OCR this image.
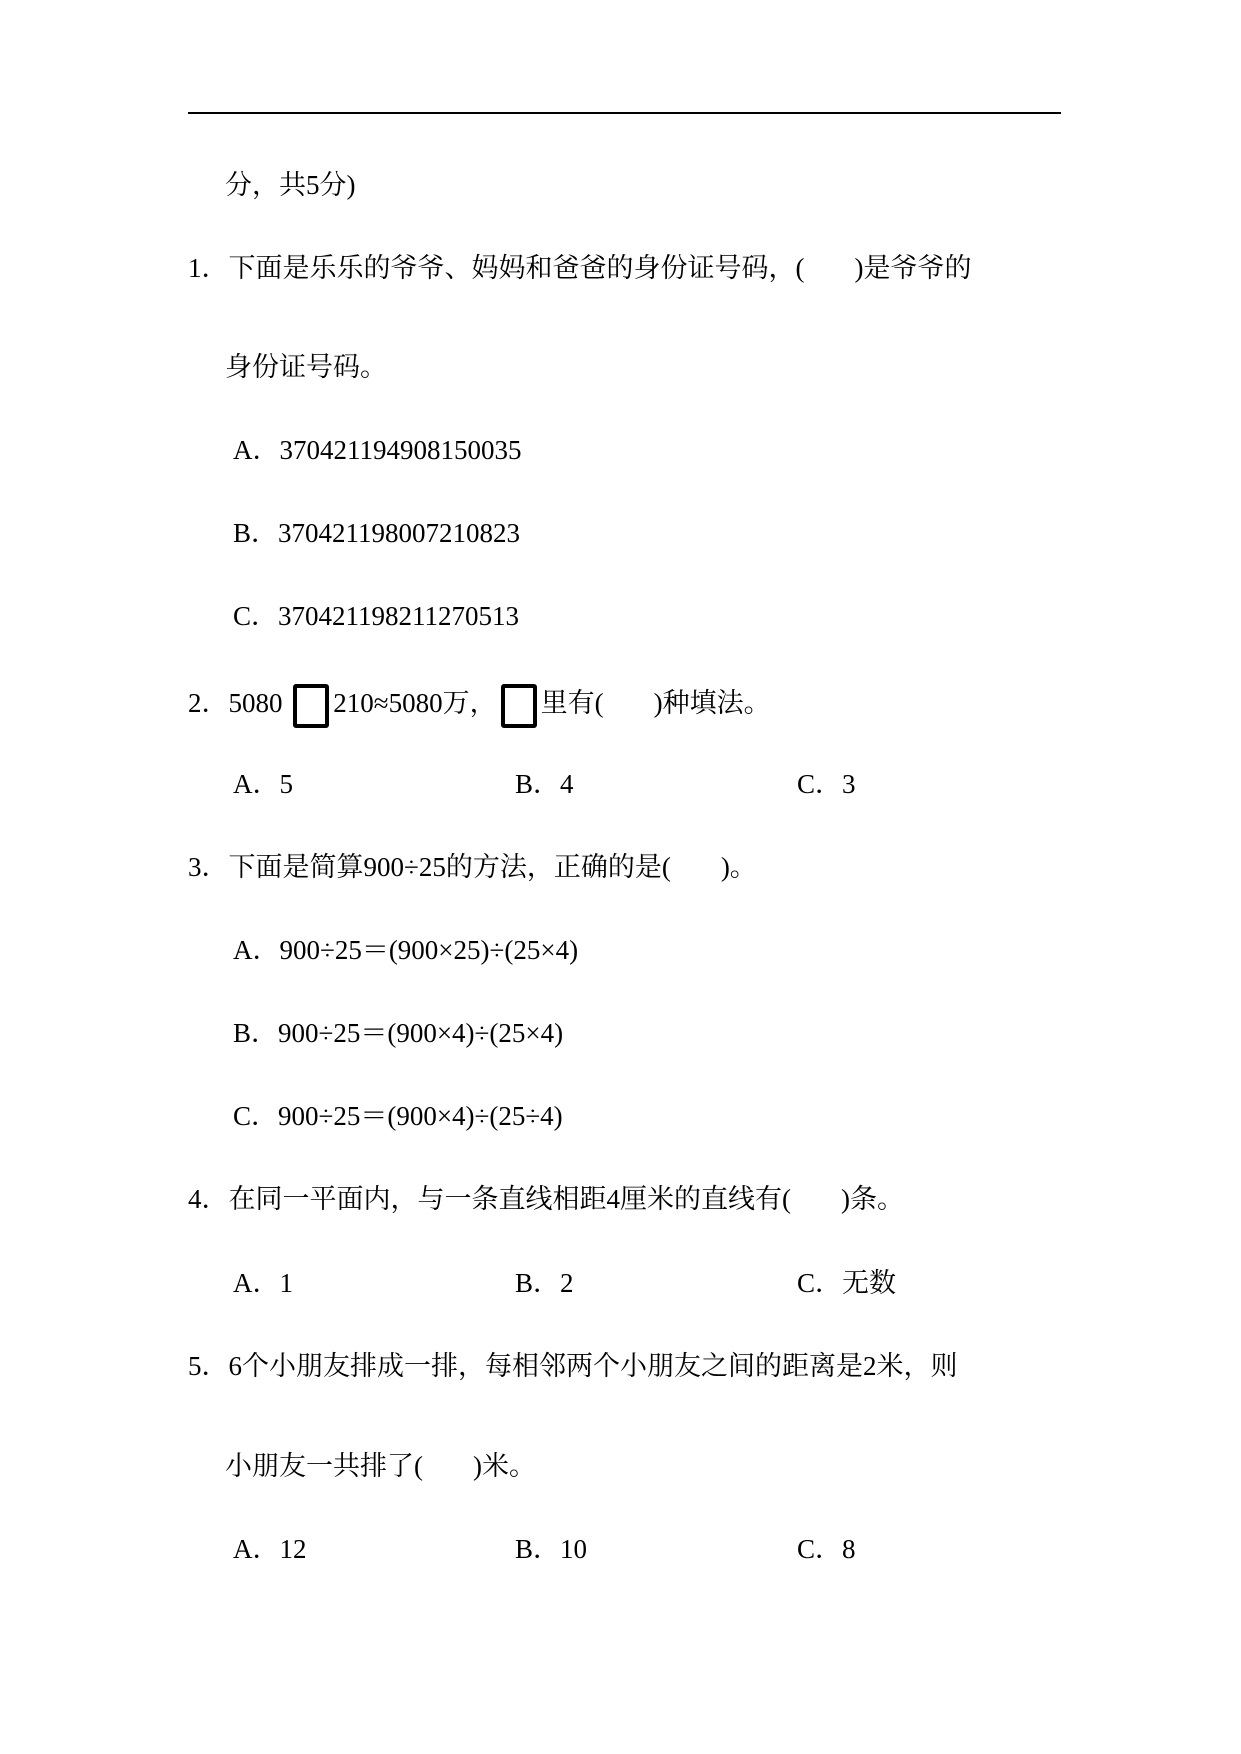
分，共5分)
1．下面是乐乐的爷爷、妈妈和爸爸的身份证号码，( )是爷爷的
身份证号码。
A．370421194908150035
B．370421198007210823
C．370421198211270513
2．5080 210≈5080万， 里有( )种填法。
A．5	B．4	C．3
3．下面是简算900÷25的方法，正确的是( )。
A．900÷25＝(900×25)÷(25×4)
B．900÷25＝(900×4)÷(25×4)
C．900÷25＝(900×4)÷(25÷4)
4．在同一平面内，与一条直线相距4厘米的直线有( )条。
A．1	B．2	C．无数
5．6个小朋友排成一排，每相邻两个小朋友之间的距离是2米，则
小朋友一共排了( )米。
A．12	B．10	C．8
